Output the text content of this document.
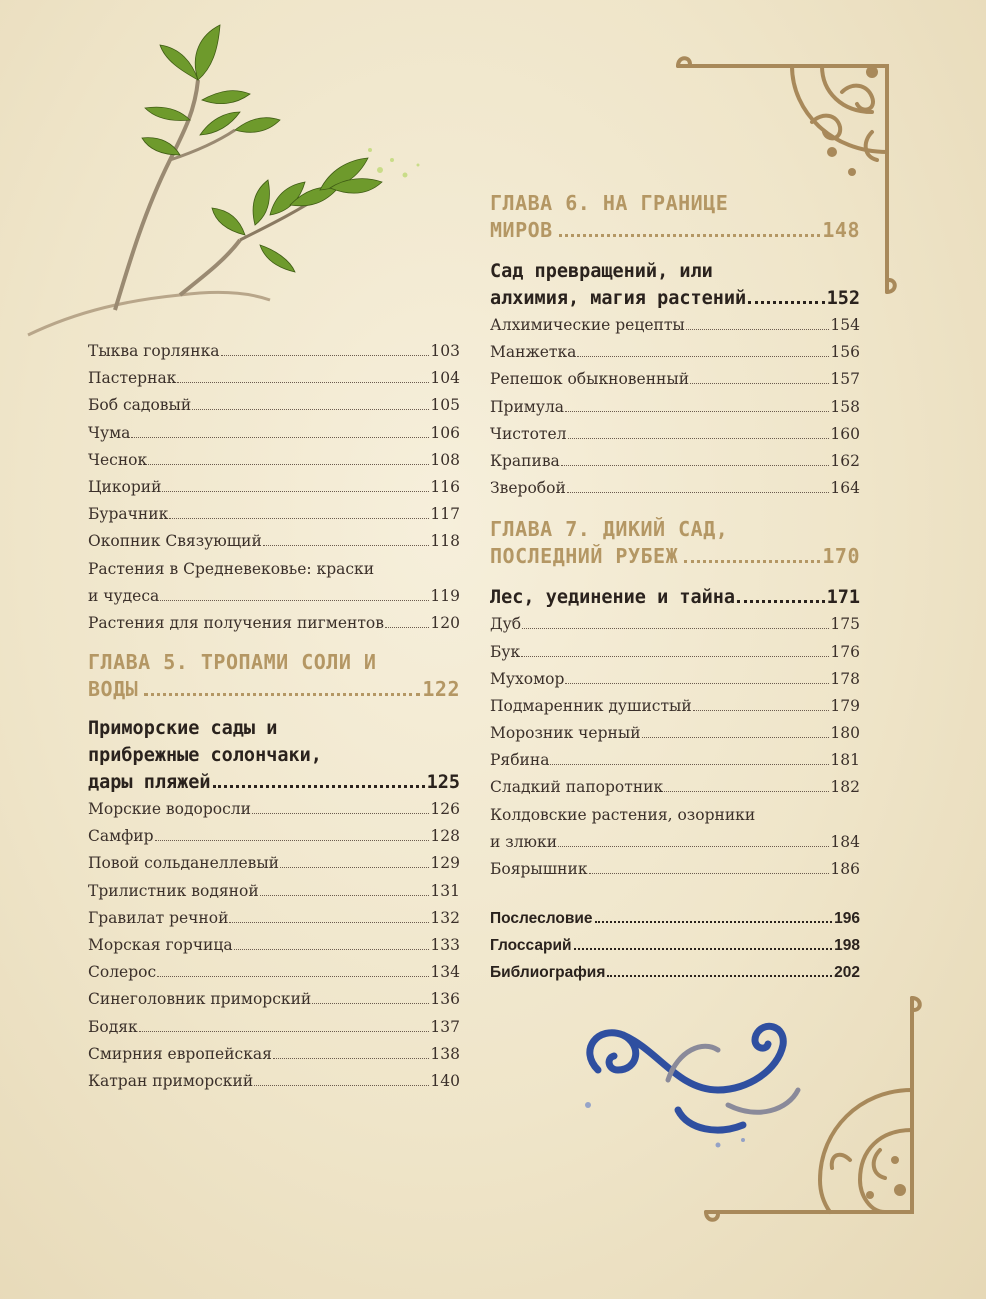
Тыква горлянка	103
Пастернак	104
Боб садовый	105
Чума	106
Чеснок	108
Цикорий	116
Бурачник	117
Окопник Связующий	118
Растения в Средневековье: краски
и чудеса	119
Растения для получения пигментов	120
ГЛАВА 5. ТРОПАМИ СОЛИ И
ВОДЫ	122
Приморские сады и
прибрежные солончаки,
дары пляжей	125
Морские водоросли	126
Самфир	128
Повой сольданеллевый	129
Трилистник водяной	131
Гравилат речной	132
Морская горчица	133
Солерос	134
Синеголовник приморский	136
Бодяк	137
Смирния европейская	138
Катран приморский	140
ГЛАВА 6. НА ГРАНИЦЕ
МИРОВ	148
Сад превращений, или
алхимия, магия растений	152
Алхимические рецепты	154
Манжетка	156
Репешок обыкновенный	157
Примула	158
Чистотел	160
Крапива	162
Зверобой	164
ГЛАВА 7. ДИКИЙ САД,
ПОСЛЕДНИЙ РУБЕЖ	170
Лес, уединение и тайна	171
Дуб	175
Бук	176
Мухомор	178
Подмаренник душистый	179
Морозник черный	180
Рябина	181
Сладкий папоротник	182
Колдовские растения, озорники
и злюки	184
Боярышник	186
Послесловие	196
Глоссарий	198
Библиография	202
